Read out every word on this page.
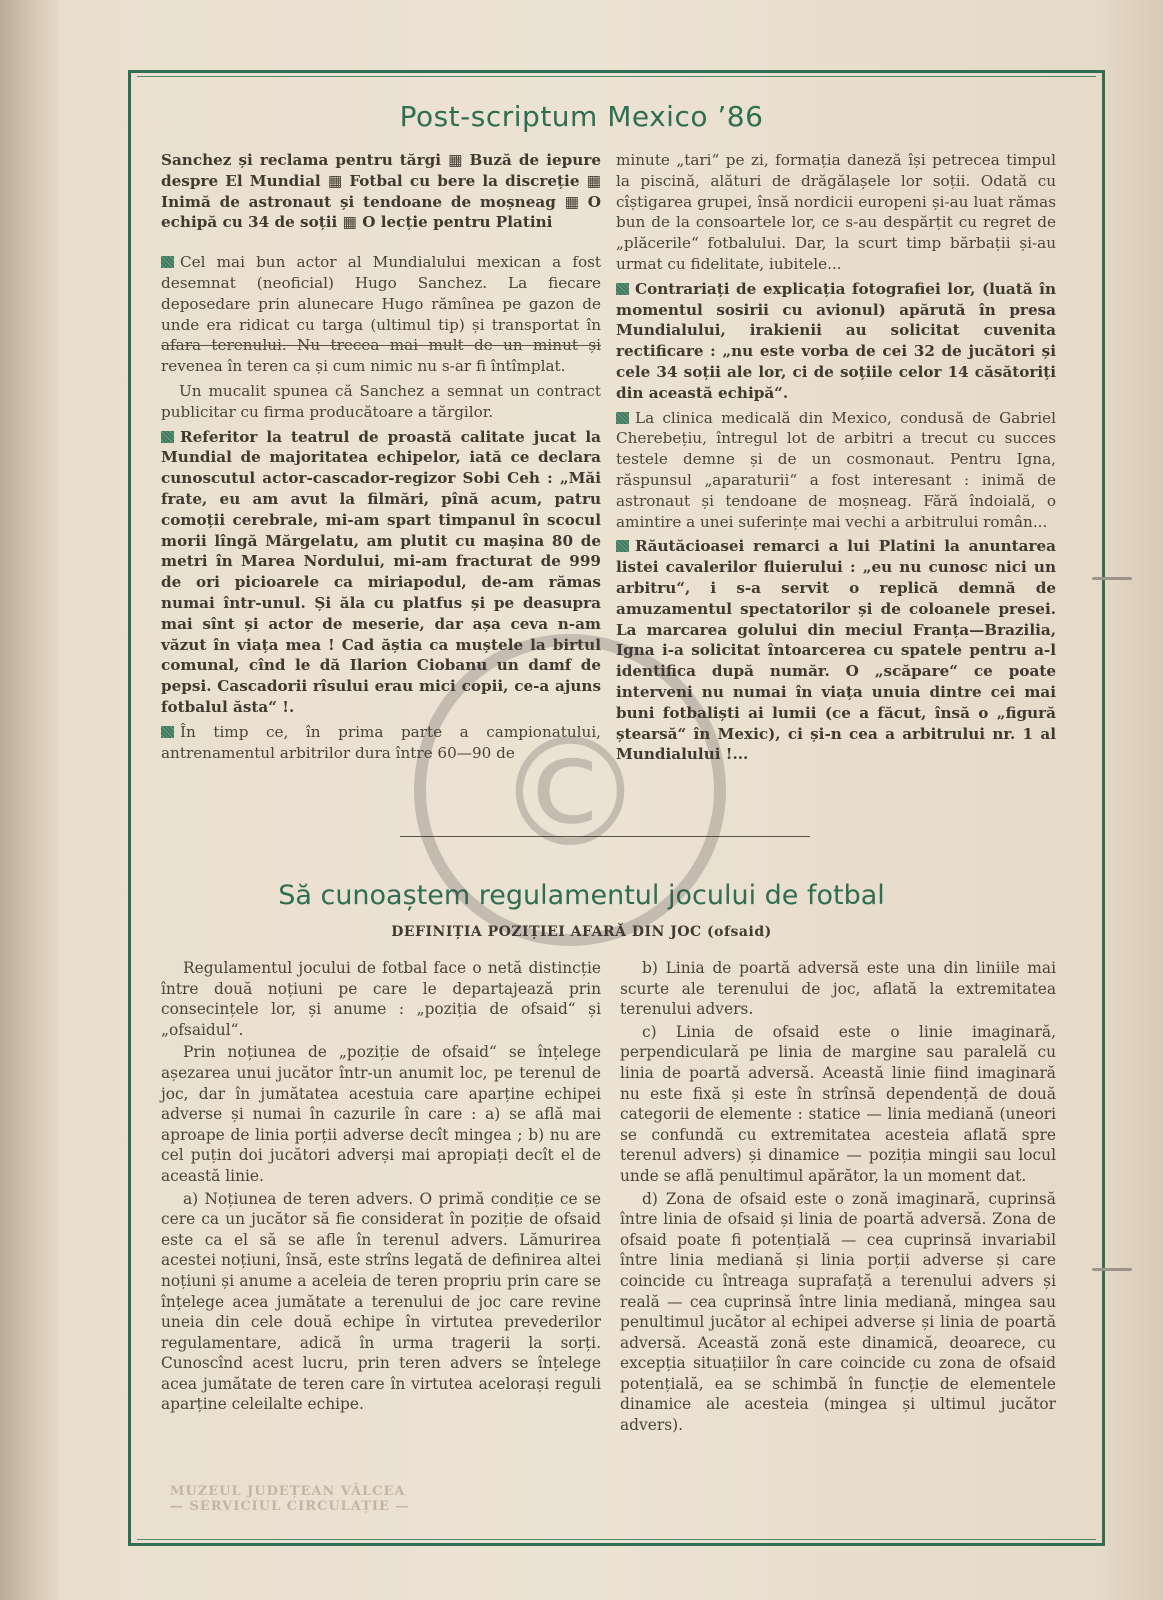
Post-scriptum Mexico ’86

Sanchez și reclama pentru tărgi ▦ Buză de iepure despre El Mundial ▦ Fotbal cu bere la discreție ▦ Inimă de astronaut și tendoane de moșneag ▦ O echipă cu 34 de soții ▦ O lecție pentru Platini

Cel mai bun actor al Mundialului mexican a fost desemnat (neoficial) Hugo Sanchez. La fiecare deposedare prin alunecare Hugo rămînea pe gazon de unde era ridicat cu targa (ultimul tip) și transportat în afara terenului. Nu trecea mai mult de un minut și revenea în teren ca și cum nimic nu s-ar fi întîmplat.

Un mucalit spunea că Sanchez a semnat un contract publicitar cu firma producătoare a tărgilor.

Referitor la teatrul de proastă calitate jucat la Mundial de majoritatea echipelor, iată ce declara cunoscutul actor-cascador-regizor Sobi Ceh : „Măi frate, eu am avut la filmări, pînă acum, patru comoții cerebrale, mi-am spart timpanul în scocul morii lîngă Mărgelatu, am plutit cu mașina 80 de metri în Marea Nordului, mi-am fracturat de 999 de ori picioarele ca miriapodul, de-am rămas numai într-unul. Și ăla cu platfus și pe deasupra mai sînt și actor de meserie, dar așa ceva n-am văzut în viața mea ! Cad ăștia ca muștele la birtul comunal, cînd le dă Ilarion Ciobanu un damf de pepsi. Cascadorii rîsului erau mici copii, ce-a ajuns fotbalul ăsta“ !.

În timp ce, în prima parte a campionatului, antrenamentul arbitrilor dura între 60—90 de

minute „tari“ pe zi, formația daneză își petrecea timpul la piscină, alături de drăgălașele lor soții. Odată cu cîștigarea grupei, însă nordicii europeni și-au luat rămas bun de la consoartele lor, ce s-au despărțit cu regret de „plăcerile“ fotbalului. Dar, la scurt timp bărbații și-au urmat cu fidelitate, iubitele...

Contrariați de explicația fotografiei lor, (luată în momentul sosirii cu avionul) apărută în presa Mundialului, irakienii au solicitat cuvenita rectificare : „nu este vorba de cei 32 de jucători și cele 34 soții ale lor, ci de soțiile celor 14 căsătoriți din această echipă“.

La clinica medicală din Mexico, condusă de Gabriel Cherebețiu, întregul lot de arbitri a trecut cu succes testele demne și de un cosmonaut. Pentru Igna, răspunsul „aparaturii“ a fost interesant : inimă de astronaut și tendoane de moșneag. Fără îndoială, o amintire a unei suferințe mai vechi a arbitrului român...

Răutăcioasei remarci a lui Platini la anuntarea listei cavalerilor fluierului : „eu nu cunosc nici un arbitru“, i s-a servit o replică demnă de amuzamentul spectatorilor și de coloanele presei. La marcarea golului din meciul Franța—Brazilia, Igna i-a solicitat întoarcerea cu spatele pentru a-l identifica după număr. O „scăpare“ ce poate interveni nu numai în viața unuia dintre cei mai buni fotbaliști ai lumii (ce a făcut, însă o „figură ștearsă“ în Mexic), ci și-n cea a arbitrului nr. 1 al Mundialului !...

Să cunoaștem regulamentul jocului de fotbal
DEFINIȚIA POZIȚIEI AFARĂ DIN JOC (ofsaid)

Regulamentul jocului de fotbal face o netă distincție între două noțiuni pe care le departajează prin consecințele lor, și anume : „poziția de ofsaid“ și „ofsaidul“.

Prin noțiunea de „poziție de ofsaid“ se înțelege așezarea unui jucător într-un anumit loc, pe terenul de joc, dar în jumătatea acestuia care aparține echipei adverse și numai în cazurile în care : a) se află mai aproape de linia porții adverse decît mingea ; b) nu are cel puțin doi jucători adverși mai apropiați decît el de această linie.

a) Noțiunea de teren advers. O primă condiție ce se cere ca un jucător să fie considerat în poziție de ofsaid este ca el să se afle în terenul advers. Lămurirea acestei noțiuni, însă, este strîns legată de definirea altei noțiuni și anume a aceleia de teren propriu prin care se înțelege acea jumătate a terenului de joc care revine uneia din cele două echipe în virtutea prevederilor regulamentare, adică în urma tragerii la sorți. Cunoscînd acest lucru, prin teren advers se înțelege acea jumătate de teren care în virtutea acelorași reguli aparține celeilalte echipe.

b) Linia de poartă adversă este una din liniile mai scurte ale terenului de joc, aflată la extremitatea terenului advers.

c) Linia de ofsaid este o linie imaginară, perpendiculară pe linia de margine sau paralelă cu linia de poartă adversă. Această linie fiind imaginară nu este fixă și este în strînsă dependență de două categorii de elemente : statice — linia mediană (uneori se confundă cu extremitatea acesteia aflată spre terenul advers) și dinamice — poziția mingii sau locul unde se află penultimul apărător, la un moment dat.

d) Zona de ofsaid este o zonă imaginară, cuprinsă între linia de ofsaid și linia de poartă adversă. Zona de ofsaid poate fi potențială — cea cuprinsă invariabil între linia mediană și linia porții adverse și care coincide cu întreaga suprafață a terenului advers și reală — cea cuprinsă între linia mediană, mingea sau penultimul jucător al echipei adverse și linia de poartă adversă. Această zonă este dinamică, deoarece, cu excepția situațiilor în care coincide cu zona de ofsaid potențială, ea se schimbă în funcție de elementele dinamice ale acesteia (mingea și ultimul jucător advers).

MUZEUL JUDEȚEAN VÂLCEA
— SERVICIUL CIRCULAȚIE —
©
